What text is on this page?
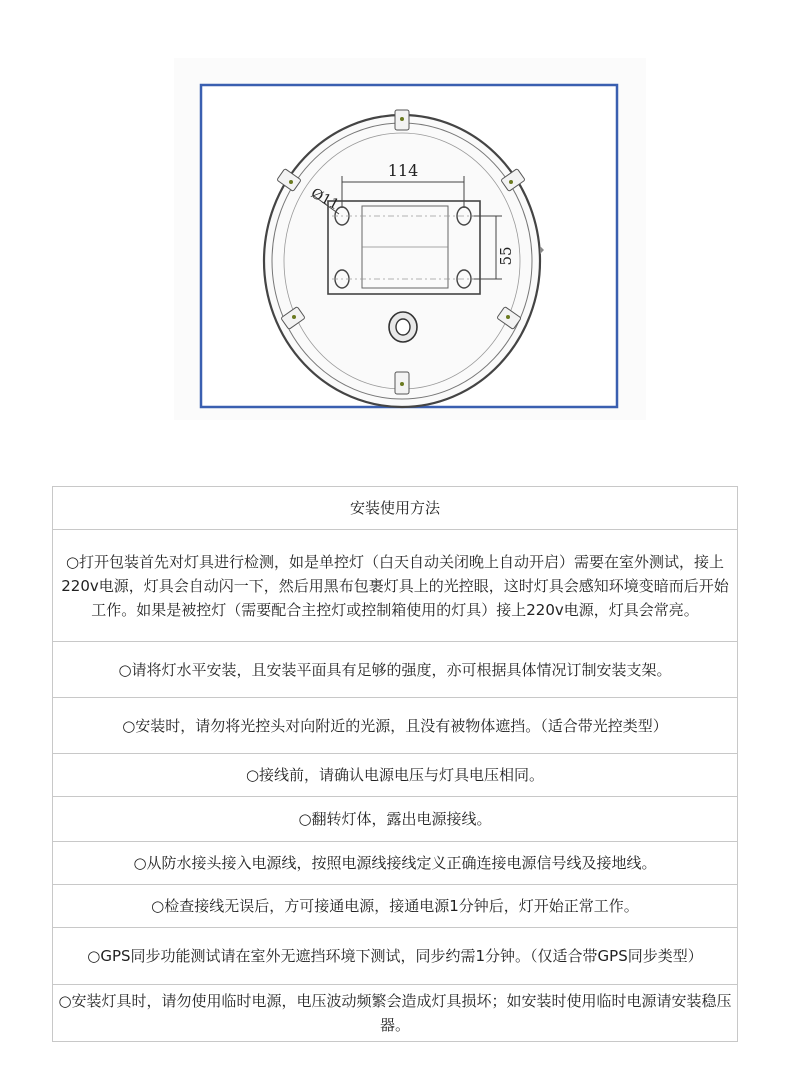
114
55
Ø11
安装使用方法
○打开包装首先对灯具进行检测，如是单控灯（白天自动关闭晚上自动开启）需要在室外测试，接上220v电源，灯具会自动闪一下，然后用黑布包裹灯具上的光控眼，这时灯具会感知环境变暗而后开始工作。如果是被控灯（需要配合主控灯或控制箱使用的灯具）接上220v电源，灯具会常亮。
○请将灯水平安装，且安装平面具有足够的强度，亦可根据具体情况订制安装支架。
○安装时，请勿将光控头对向附近的光源，且没有被物体遮挡。（适合带光控类型）
○接线前，请确认电源电压与灯具电压相同。
○翻转灯体，露出电源接线。
○从防水接头接入电源线，按照电源线接线定义正确连接电源信号线及接地线。
○检查接线无误后，方可接通电源，接通电源1分钟后，灯开始正常工作。
○GPS同步功能测试请在室外无遮挡环境下测试，同步约需1分钟。（仅适合带GPS同步类型）
○安装灯具时，请勿使用临时电源，电压波动频繁会造成灯具损坏；如安装时使用临时电源请安装稳压器。
